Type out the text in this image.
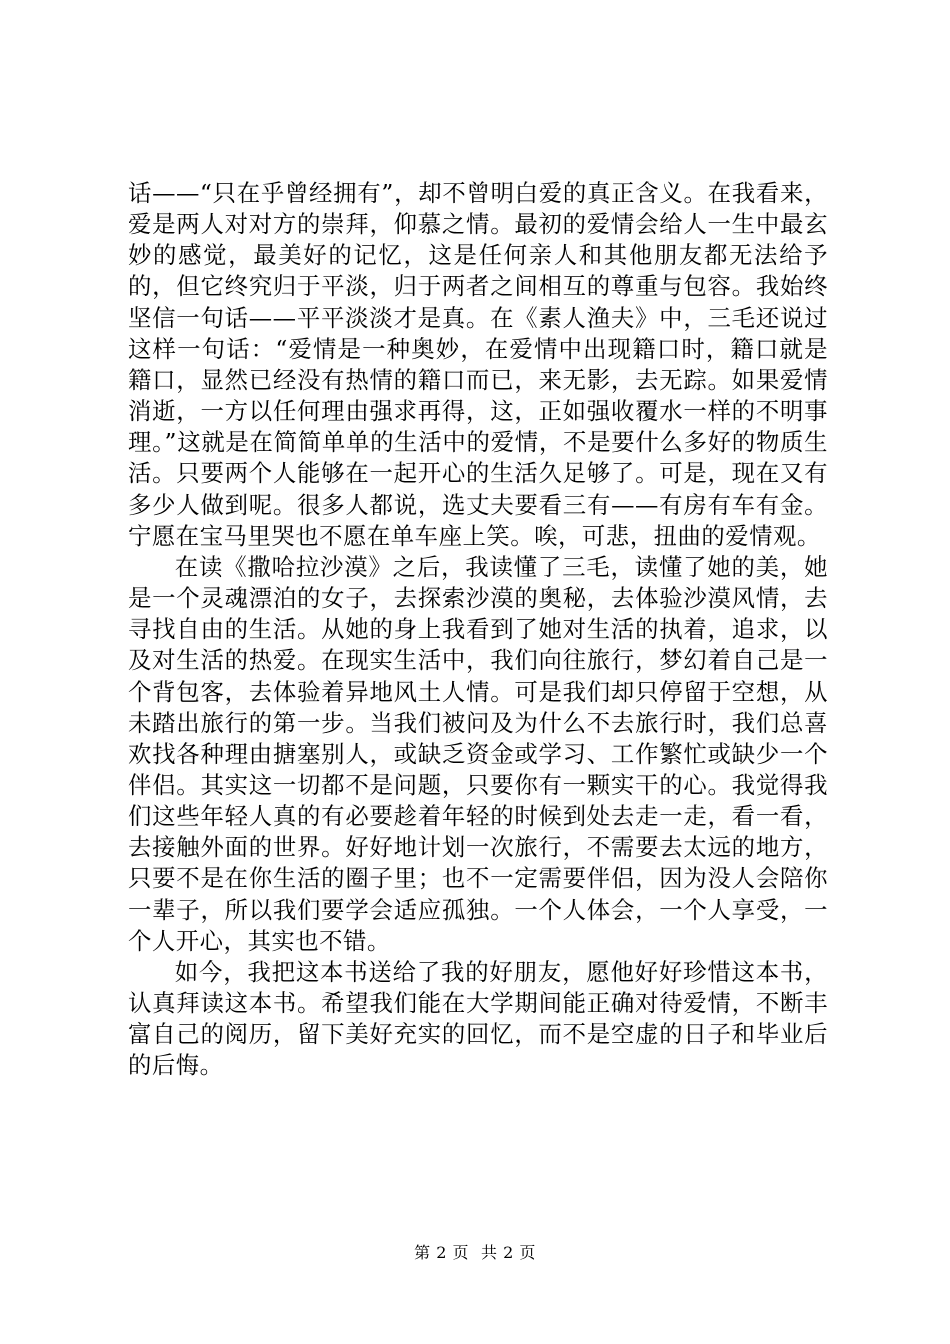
话——“只在乎曾经拥有”，却不曾明白爱的真正含义。在我看来，爱是两人对对方的崇拜，仰慕之情。最初的爱情会给人一生中最玄妙的感觉，最美好的记忆，这是任何亲人和其他朋友都无法给予的，但它终究归于平淡，归于两者之间相互的尊重与包容。我始终坚信一句话——平平淡淡才是真。在《素人渔夫》中，三毛还说过这样一句话：“爱情是一种奥妙，在爱情中出现籍口时，籍口就是籍口，显然已经没有热情的籍口而已，来无影，去无踪。如果爱情消逝，一方以任何理由强求再得，这，正如强收覆水一样的不明事理。”这就是在简简单单的生活中的爱情，不是要什么多好的物质生活。只要两个人能够在一起开心的生活久足够了。可是，现在又有多少人做到呢。很多人都说，选丈夫要看三有——有房有车有金。宁愿在宝马里哭也不愿在单车座上笑。唉，可悲，扭曲的爱情观。

在读《撒哈拉沙漠》之后，我读懂了三毛，读懂了她的美，她是一个灵魂漂泊的女子，去探索沙漠的奥秘，去体验沙漠风情，去寻找自由的生活。从她的身上我看到了她对生活的执着，追求，以及对生活的热爱。在现实生活中，我们向往旅行，梦幻着自己是一个背包客，去体验着异地风土人情。可是我们却只停留于空想，从未踏出旅行的第一步。当我们被问及为什么不去旅行时，我们总喜欢找各种理由搪塞别人，或缺乏资金或学习、工作繁忙或缺少一个伴侣。其实这一切都不是问题，只要你有一颗实干的心。我觉得我们这些年轻人真的有必要趁着年轻的时候到处去走一走，看一看，去接触外面的世界。好好地计划一次旅行，不需要去太远的地方，只要不是在你生活的圈子里；也不一定需要伴侣，因为没人会陪你一辈子，所以我们要学会适应孤独。一个人体会，一个人享受，一个人开心，其实也不错。

如今，我把这本书送给了我的好朋友，愿他好好珍惜这本书，认真拜读这本书。希望我们能在大学期间能正确对待爱情，不断丰富自己的阅历，留下美好充实的回忆，而不是空虚的日子和毕业后的后悔。

第 2 页 共 2 页
